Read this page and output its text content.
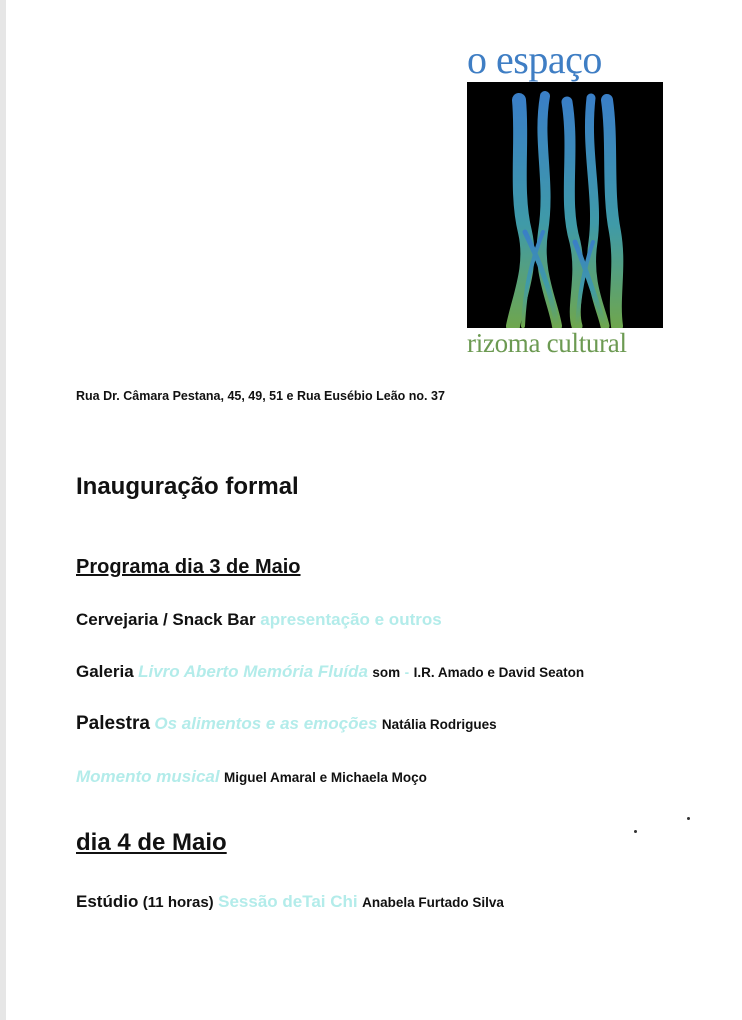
o espaço
rizoma cultural
Rua Dr. Câmara Pestana, 45, 49, 51 e Rua Eusébio Leão no. 37
Inauguração formal
Programa dia 3 de Maio
Cervejaria / Snack Bar apresentação e outros
Galeria Livro Aberto Memória Fluída som - I.R. Amado e David Seaton
Palestra Os alimentos e as emoções Natália Rodrigues
Momento musical Miguel Amaral e Michaela Moço
dia 4 de Maio
Estúdio (11 horas) Sessão deTai Chi Anabela Furtado Silva
